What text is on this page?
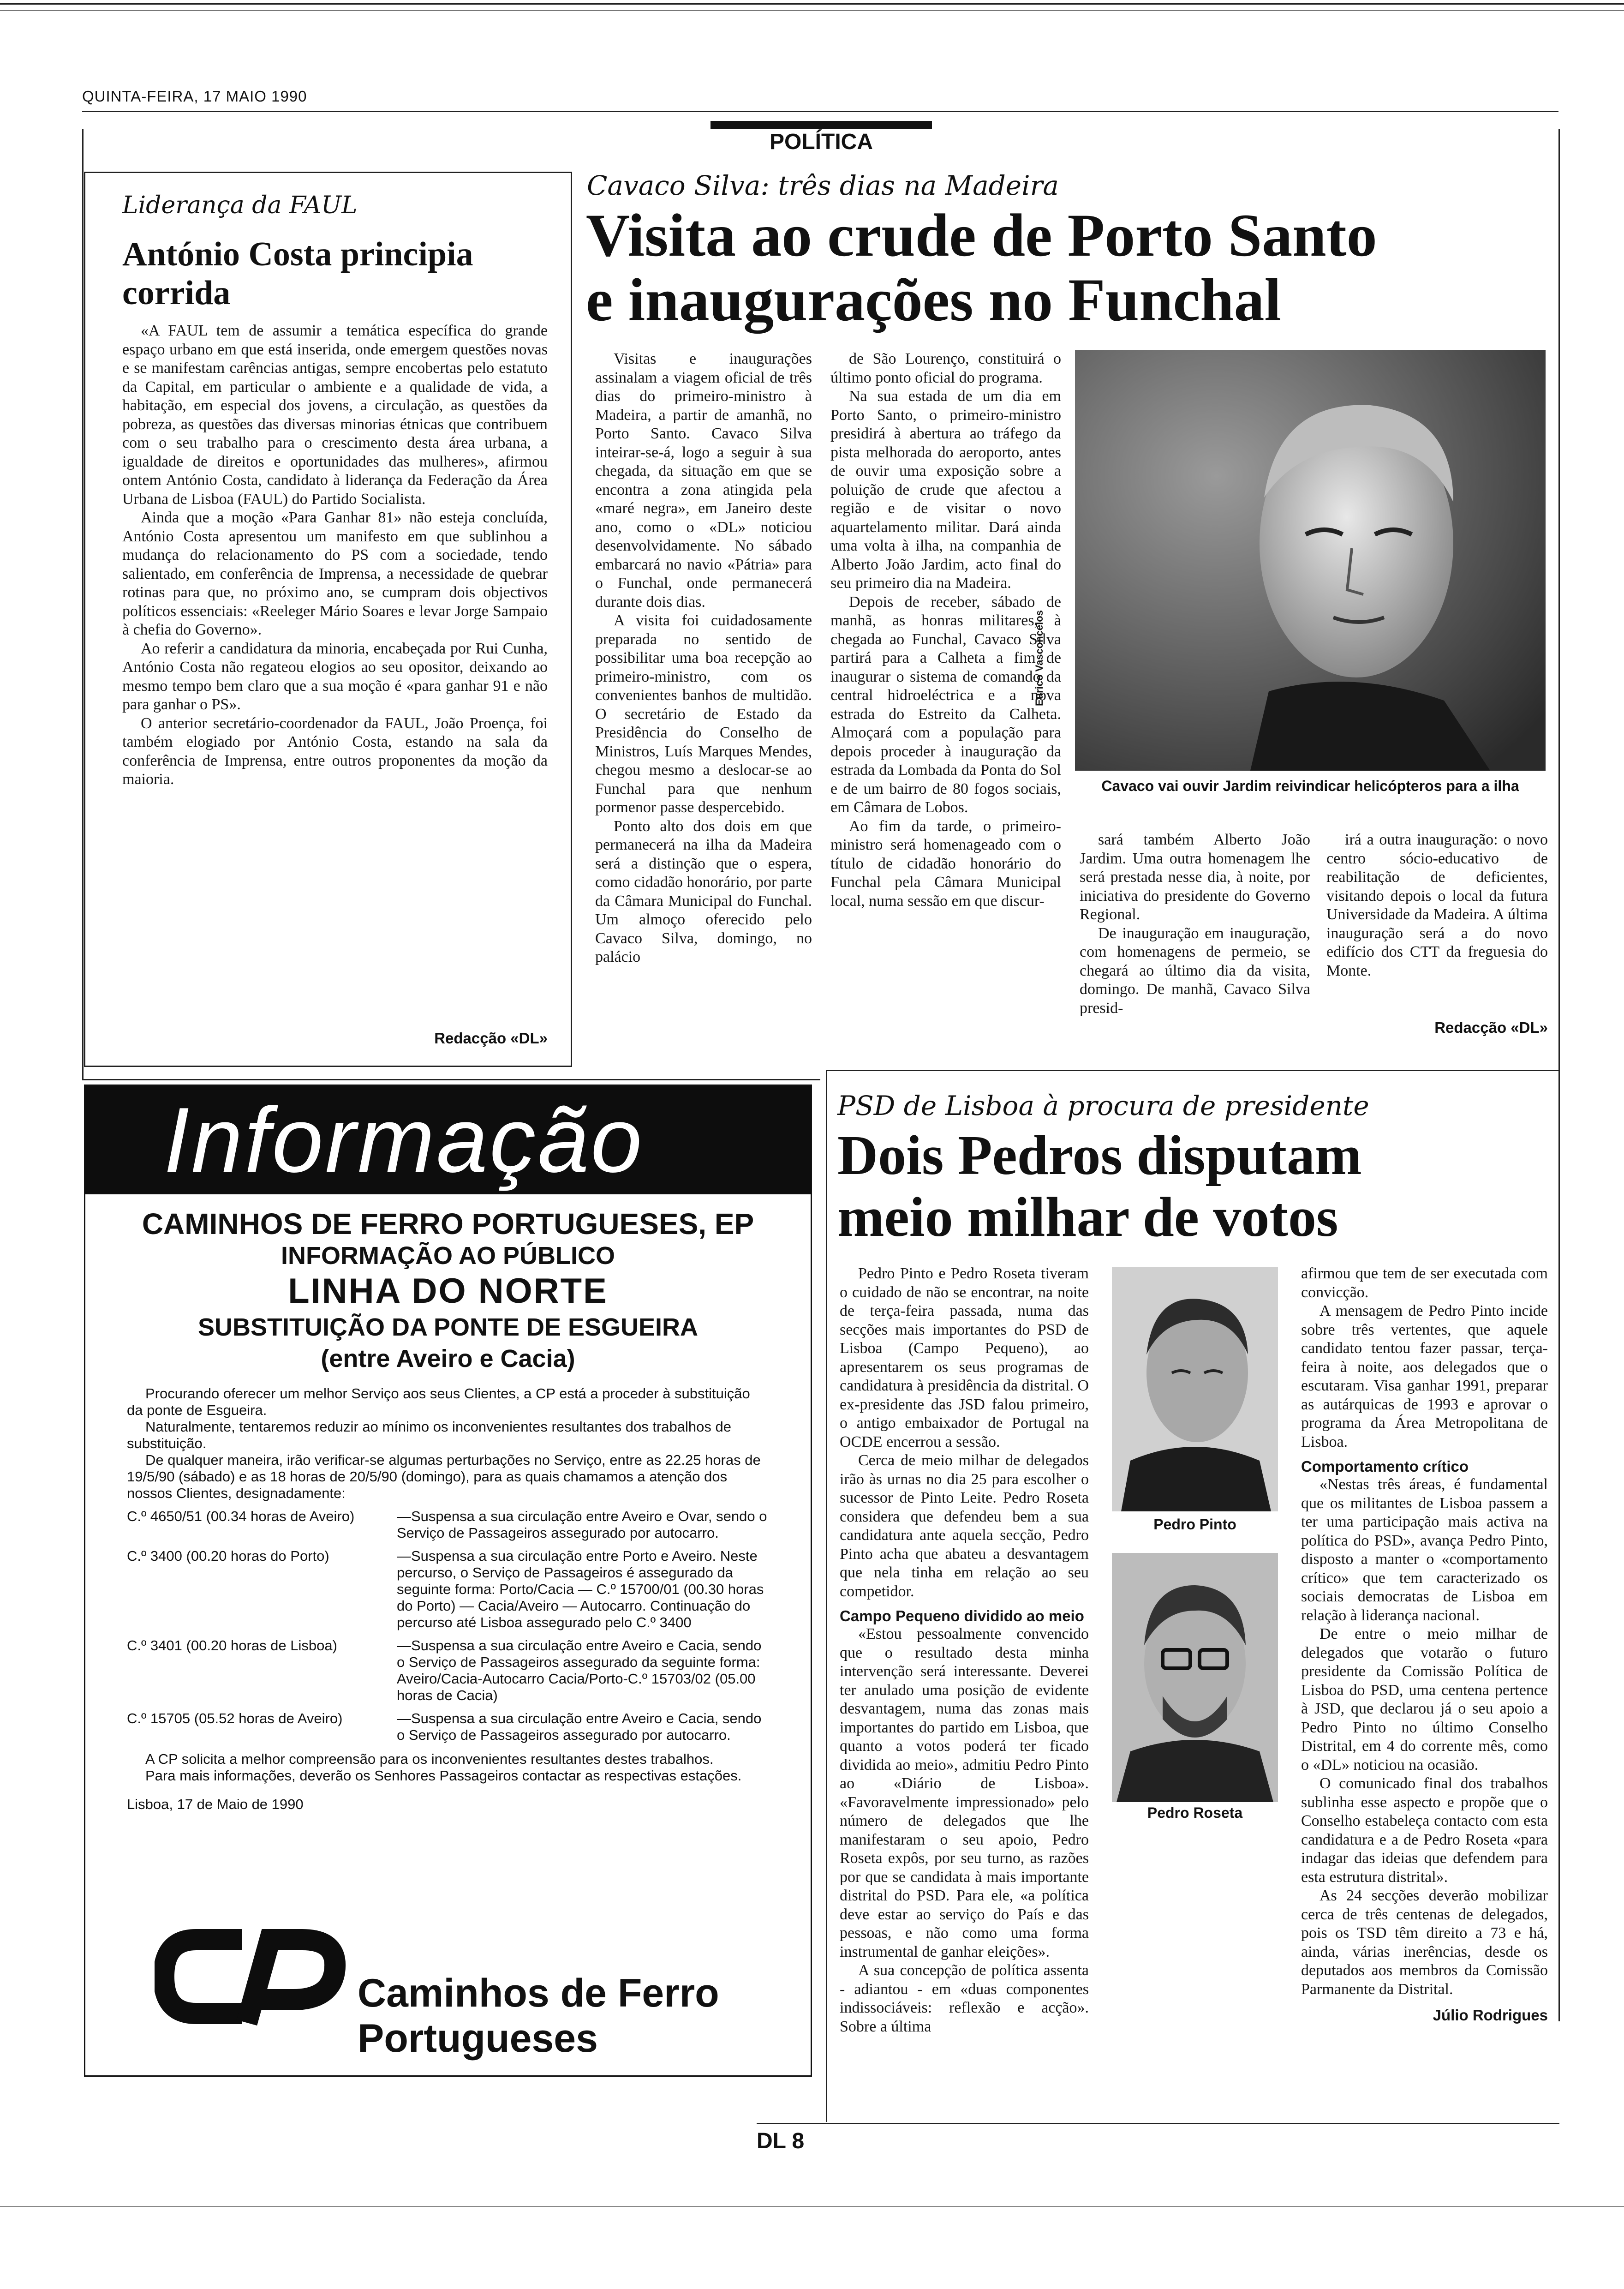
QUINTA-FEIRA, 17 MAIO 1990
POLÍTICA
Liderança da FAUL
António Costa principia corrida

«A FAUL tem de assumir a temática específica do grande espaço urbano em que está inserida, onde emergem questões novas e se manifestam carências antigas, sempre encobertas pelo estatuto da Capital, em particular o ambiente e a qualidade de vida, a habitação, em especial dos jovens, a circulação, as questões da pobreza, as questões das diversas minorias étnicas que contribuem com o seu trabalho para o crescimento desta área urbana, a igualdade de direitos e oportunidades das mulheres», afirmou ontem António Costa, candidato à liderança da Federação da Área Urbana de Lisboa (FAUL) do Partido Socialista.

Ainda que a moção «Para Ganhar 81» não esteja concluída, António Costa apresentou um manifesto em que sublinhou a mudança do relacionamento do PS com a sociedade, tendo salientado, em conferência de Imprensa, a necessidade de quebrar rotinas para que, no próximo ano, se cumpram dois objectivos políticos essenciais: «Reeleger Mário Soares e levar Jorge Sampaio à chefia do Governo».

Ao referir a candidatura da minoria, encabeçada por Rui Cunha, António Costa não regateou elogios ao seu opositor, deixando ao mesmo tempo bem claro que a sua moção é «para ganhar 91 e não para ganhar o PS».

O anterior secretário-coordenador da FAUL, João Proença, foi também elogiado por António Costa, estando na sala da conferência de Imprensa, entre outros proponentes da moção da maioria.

Redacção «DL»
Cavaco Silva: três dias na Madeira
Visita ao crude de Porto Santo
e inaugurações no Funchal

Visitas e inaugurações assinalam a viagem oficial de três dias do primeiro-ministro à Madeira, a partir de amanhã, no Porto Santo. Cavaco Silva inteirar-se-á, logo a seguir à sua chegada, da situação em que se encontra a zona atingida pela «maré negra», em Janeiro deste ano, como o «DL» noticiou desenvolvidamente. No sábado embarcará no navio «Pátria» para o Funchal, onde permanecerá durante dois dias.

A visita foi cuidadosamente preparada no sentido de possibilitar uma boa recepção ao primeiro-ministro, com os convenientes banhos de multidão. O secretário de Estado da Presidência do Conselho de Ministros, Luís Marques Mendes, chegou mesmo a deslocar-se ao Funchal para que nenhum pormenor passe despercebido.

Ponto alto dos dois em que permanecerá na ilha da Madeira será a distinção que o espera, como cidadão honorário, por parte da Câmara Municipal do Funchal. Um almoço oferecido pelo Cavaco Silva, domingo, no palácio

de São Lourenço, constituirá o último ponto oficial do programa.

Na sua estada de um dia em Porto Santo, o primeiro-ministro presidirá à abertura ao tráfego da pista melhorada do aeroporto, antes de ouvir uma exposição sobre a poluição de crude que afectou a região e de visitar o novo aquartelamento militar. Dará ainda uma volta à ilha, na companhia de Alberto João Jardim, acto final do seu primeiro dia na Madeira.

Depois de receber, sábado de manhã, as honras militares, à chegada ao Funchal, Cavaco Silva partirá para a Calheta a fim de inaugurar o sistema de comando da central hidroeléctrica e a nova estrada do Estreito da Calheta. Almoçará com a população para depois proceder à inauguração da estrada da Lombada da Ponta do Sol e de um bairro de 80 fogos sociais, em Câmara de Lobos.

Ao fim da tarde, o primeiro-ministro será homenageado com o título de cidadão honorário do Funchal pela Câmara Municipal local, numa sessão em que discur-

Eurico Vasconcelos
Cavaco vai ouvir Jardim reivindicar helicópteros para a ilha

sará também Alberto João Jardim. Uma outra homenagem lhe será prestada nesse dia, à noite, por iniciativa do presidente do Governo Regional.

De inauguração em inauguração, com homenagens de permeio, se chegará ao último dia da visita, domingo. De manhã, Cavaco Silva presid-

irá a outra inauguração: o novo centro sócio-educativo de reabilitação de deficientes, visitando depois o local da futura Universidade da Madeira. A última inauguração será a do novo edifício dos CTT da freguesia do Monte.

Redacção «DL»
Informação
CAMINHOS DE FERRO PORTUGUESES, EP
INFORMAÇÃO AO PÚBLICO
LINHA DO NORTE
SUBSTITUIÇÃO DA PONTE DE ESGUEIRA
(entre Aveiro e Cacia)

Procurando oferecer um melhor Serviço aos seus Clientes, a CP está a proceder à substituição da ponte de Esgueira.

Naturalmente, tentaremos reduzir ao mínimo os inconvenientes resultantes dos trabalhos de substituição.

De qualquer maneira, irão verificar-se algumas perturbações no Serviço, entre as 22.25 horas de 19/5/90 (sábado) e as 18 horas de 20/5/90 (domingo), para as quais chamamos a atenção dos nossos Clientes, designadamente:

C.º 4650/51 (00.34 horas de Aveiro)	—Suspensa a sua circulação entre Aveiro e Ovar, sendo o Serviço de Passageiros assegurado por autocarro.
C.º 3400 (00.20 horas do Porto)	—Suspensa a sua circulação entre Porto e Aveiro. Neste percurso, o Serviço de Passageiros é assegurado da seguinte forma: Porto/Cacia — C.º 15700/01 (00.30 horas do Porto) — Cacia/Aveiro — Autocarro. Continuação do percurso até Lisboa assegurado pelo C.º 3400
C.º 3401 (00.20 horas de Lisboa)	—Suspensa a sua circulação entre Aveiro e Cacia, sendo o Serviço de Passageiros assegurado da seguinte forma: Aveiro/Cacia-Autocarro Cacia/Porto-C.º 15703/02 (05.00 horas de Cacia)
C.º 15705 (05.52 horas de Aveiro)	—Suspensa a sua circulação entre Aveiro e Cacia, sendo o Serviço de Passageiros assegurado por autocarro.

A CP solicita a melhor compreensão para os inconvenientes resultantes destes trabalhos.

Para mais informações, deverão os Senhores Passageiros contactar as respectivas estações.

Lisboa, 17 de Maio de 1990

Caminhos de Ferro
Portugueses
PSD de Lisboa à procura de presidente
Dois Pedros disputam
meio milhar de votos

Pedro Pinto e Pedro Roseta tiveram o cuidado de não se encontrar, na noite de terça-feira passada, numa das secções mais importantes do PSD de Lisboa (Campo Pequeno), ao apresentarem os seus programas de candidatura à presidência da distrital. O ex-presidente das JSD falou primeiro, o antigo embaixador de Portugal na OCDE encerrou a sessão.

Cerca de meio milhar de delegados irão às urnas no dia 25 para escolher o sucessor de Pinto Leite. Pedro Roseta considera que defendeu bem a sua candidatura ante aquela secção, Pedro Pinto acha que abateu a desvantagem que nela tinha em relação ao seu competidor.

Campo Pequeno dividido ao meio

«Estou pessoalmente convencido que o resultado desta minha intervenção será interessante. Deverei ter anulado uma posição de evidente desvantagem, numa das zonas mais importantes do partido em Lisboa, que quanto a votos poderá ter ficado dividida ao meio», admitiu Pedro Pinto ao «Diário de Lisboa». «Favoravelmente impressionado» pelo número de delegados que lhe manifestaram o seu apoio, Pedro Roseta expôs, por seu turno, as razões por que se candidata à mais importante distrital do PSD. Para ele, «a política deve estar ao serviço do País e das pessoas, e não como uma forma instrumental de ganhar eleições».

A sua concepção de política assenta - adiantou - em «duas componentes indissociáveis: reflexão e acção». Sobre a última

Pedro Pinto
Pedro Roseta

afirmou que tem de ser executada com convicção.

A mensagem de Pedro Pinto incide sobre três vertentes, que aquele candidato tentou fazer passar, terça-feira à noite, aos delegados que o escutaram. Visa ganhar 1991, preparar as autárquicas de 1993 e aprovar o programa da Área Metropolitana de Lisboa.

Comportamento crítico

«Nestas três áreas, é fundamental que os militantes de Lisboa passem a ter uma participação mais activa na política do PSD», avança Pedro Pinto, disposto a manter o «comportamento crítico» que tem caracterizado os sociais democratas de Lisboa em relação à liderança nacional.

De entre o meio milhar de delegados que votarão o futuro presidente da Comissão Política de Lisboa do PSD, uma centena pertence à JSD, que declarou já o seu apoio a Pedro Pinto no último Conselho Distrital, em 4 do corrente mês, como o «DL» noticiou na ocasião.

O comunicado final dos trabalhos sublinha esse aspecto e propõe que o Conselho estabeleça contacto com esta candidatura e a de Pedro Roseta «para indagar das ideias que defendem para esta estrutura distrital».

As 24 secções deverão mobilizar cerca de três centenas de delegados, pois os TSD têm direito a 73 e há, ainda, várias inerências, desde os deputados aos membros da Comissão Parmanente da Distrital.

Júlio Rodrigues
DL 8
